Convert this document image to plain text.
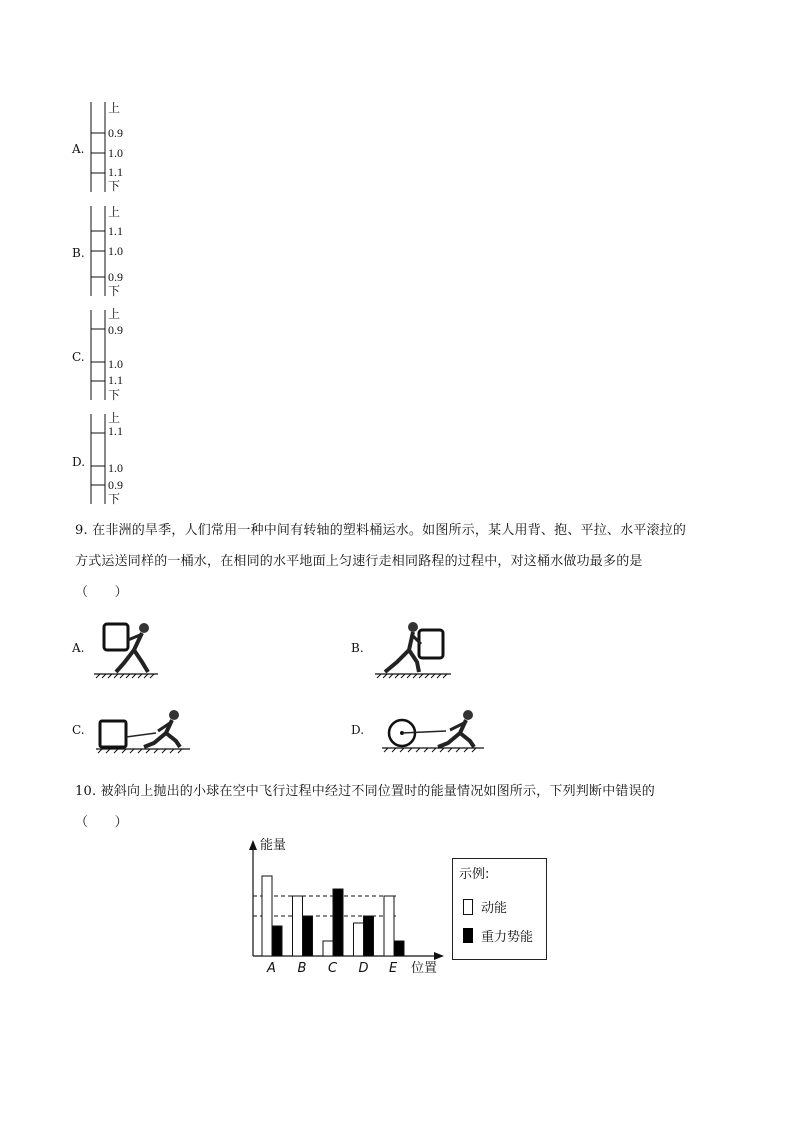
A.
上
0.9
1.0
1.1
下
B.
上
1.1
1.0
0.9
下
C.
上
0.9
1.0
1.1
下
D.
上
1.1
1.0
0.9
下
9. 在非洲的旱季，人们常用一种中间有转轴的塑料桶运水。如图所示，某人用背、抱、平拉、水平滚拉的
方式运送同样的一桶水，在相同的水平地面上匀速行走相同路程的过程中，对这桶水做功最多的是
（　　）
A.	B.
C.	D.
10. 被斜向上抛出的小球在空中飞行过程中经过不同位置时的能量情况如图所示，下列判断中错误的
（　　）
能量
位置
A B C D E
示例:
动能
重力势能
